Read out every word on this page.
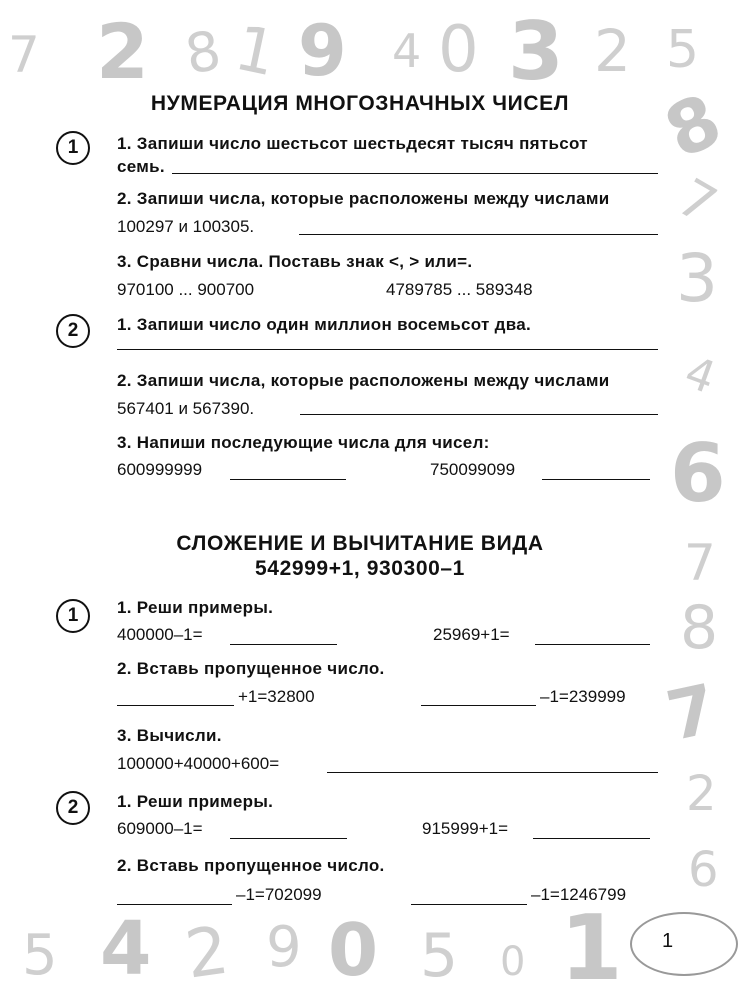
7 2 8 1 9 4 0 3 2 5
8
7
3
4
6
7
8
7
2
6
5 4 2 9 0 5 0 1
НУМЕРАЦИЯ МНОГОЗНАЧНЫХ ЧИСЕЛ
1	1. Запиши число шестьсот шестьдесят тысяч пятьсот
семь.
2. Запиши числа, которые расположены между числами
100297 и 100305.
3. Сравни числа. Поставь знак <, > или=.
970100 ... 900700	4789785 ... 589348
2	1. Запиши число один миллион восемьсот два.
2. Запиши числа, которые расположены между числами
567401 и 567390.
3. Напиши последующие числа для чисел:
600999999	750099099
СЛОЖЕНИЕ И ВЫЧИТАНИЕ ВИДА
542999+1, 930300–1
1	1. Реши примеры.
400000–1=	25969+1=
2. Вставь пропущенное число.
+1=32800	–1=239999
3. Вычисли.
100000+40000+600=
2	1. Реши примеры.
609000–1=	915999+1=
2. Вставь пропущенное число.
–1=702099	–1=1246799
1
